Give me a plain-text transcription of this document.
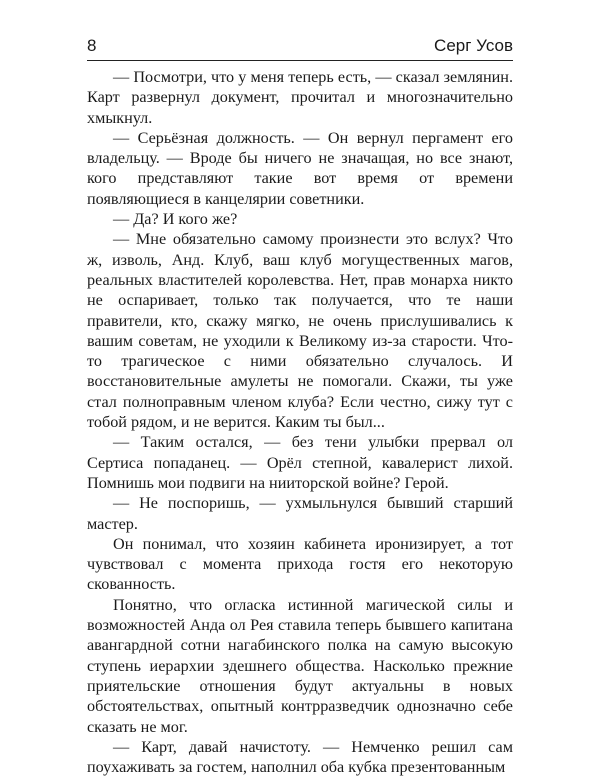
8	Серг Усов

— Посмотри, что у меня теперь есть, — сказал землянин. Карт развернул документ, прочитал и многозначительно хмыкнул.

— Серьёзная должность. — Он вернул пергамент его владельцу. — Вроде бы ничего не значащая, но все знают, кого представляют такие вот время от времени появляющиеся в канцелярии советники.

— Да? И кого же?

— Мне обязательно самому произнести это вслух? Что ж, изволь, Анд. Клуб, ваш клуб могущественных магов, реальных властителей королевства. Нет, прав монарха никто не оспаривает, только так получается, что те наши правители, кто, скажу мягко, не очень прислушивались к вашим советам, не уходили к Великому из-за старости. Что-то трагическое с ними обязательно случалось. И восстановительные амулеты не помогали. Скажи, ты уже стал полноправным членом клуба? Если честно, сижу тут с тобой рядом, и не верится. Каким ты был...

— Таким остался, — без тени улыбки прервал ол Сертиса попаданец. — Орёл степной, кавалерист лихой. Помнишь мои подвиги на нииторской войне? Герой.

— Не поспоришь, — ухмыльнулся бывший старший мастер.

Он понимал, что хозяин кабинета иронизирует, а тот чувствовал с момента прихода гостя его некоторую скованность.

Понятно, что огласка истинной магической силы и возможностей Анда ол Рея ставила теперь бывшего капитана авангардной сотни нагабинского полка на самую высокую ступень иерархии здешнего общества. Насколько прежние приятельские отношения будут актуальны в новых обстоятельствах, опытный контрразведчик однозначно себе сказать не мог.

— Карт, давай начистоту. — Немченко решил сам поухаживать за гостем, наполнил оба кубка презентованным
